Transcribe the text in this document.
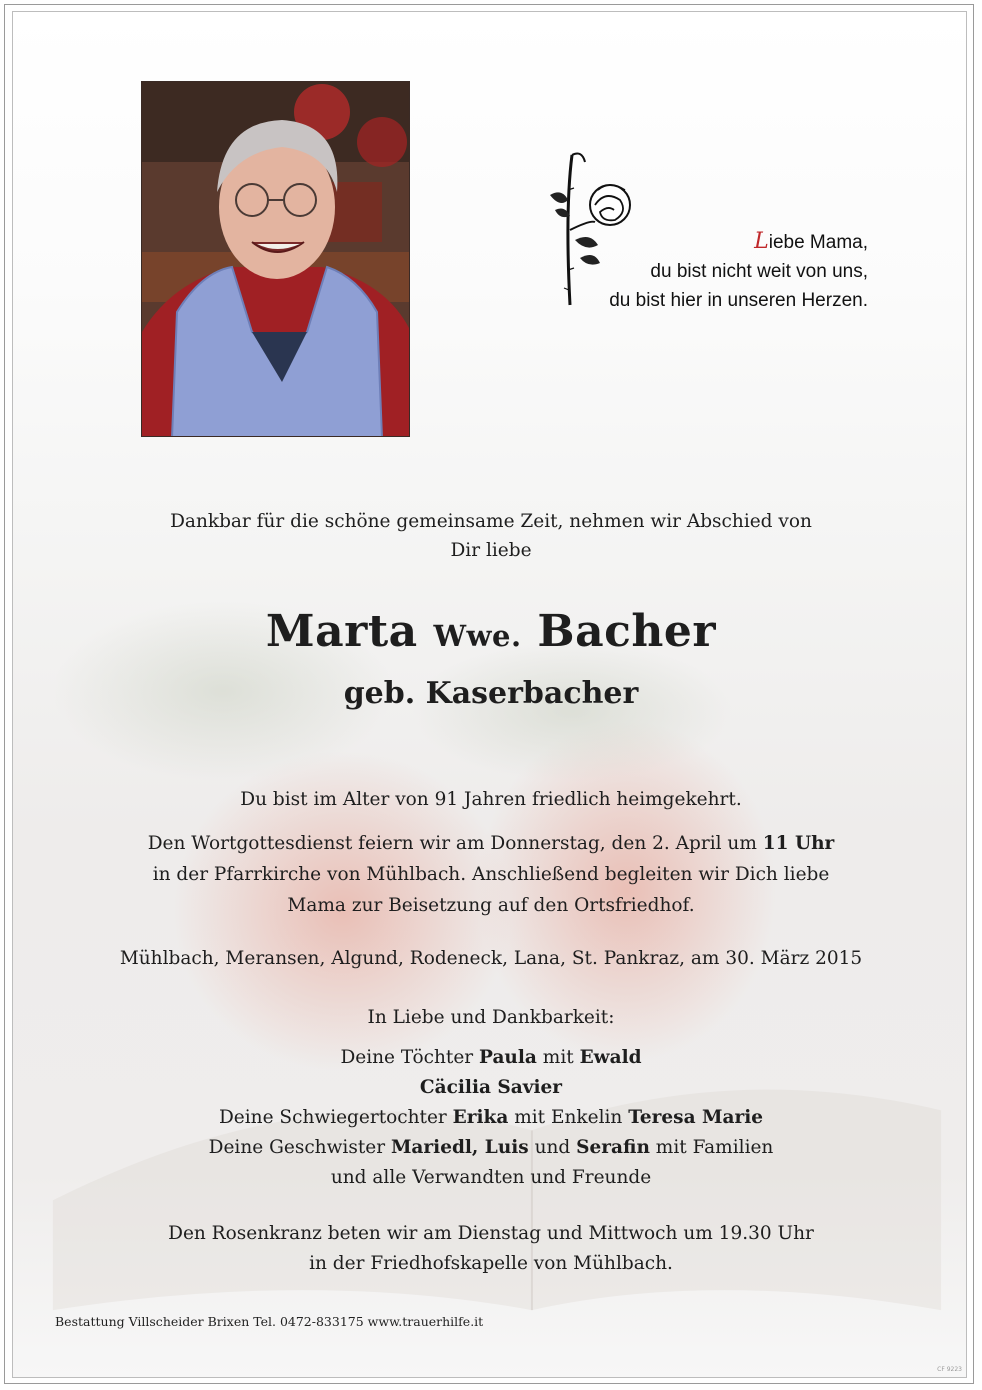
Liebe Mama,
du bist nicht weit von uns,
du bist hier in unseren Herzen.
Dankbar für die schöne gemeinsame Zeit, nehmen wir Abschied von
Dir liebe
Marta Wwe. Bacher
geb. Kaserbacher
Du bist im Alter von 91 Jahren friedlich heimgekehrt.
Den Wortgottesdienst feiern wir am Donnerstag, den 2. April um 11 Uhr
in der Pfarrkirche von Mühlbach. Anschließend begleiten wir Dich liebe
Mama zur Beisetzung auf den Ortsfriedhof.
Mühlbach, Meransen, Algund, Rodeneck, Lana, St. Pankraz, am 30. März 2015
In Liebe und Dankbarkeit:
Deine Töchter Paula mit Ewald
Cäcilia Savier
Deine Schwiegertochter Erika mit Enkelin Teresa Marie
Deine Geschwister Mariedl, Luis und Serafin mit Familien
und alle Verwandten und Freunde
Den Rosenkranz beten wir am Dienstag und Mittwoch um 19.30 Uhr
in der Friedhofskapelle von Mühlbach.
Bestattung Villscheider Brixen Tel. 0472-833175 www.trauerhilfe.it
CF 9223
